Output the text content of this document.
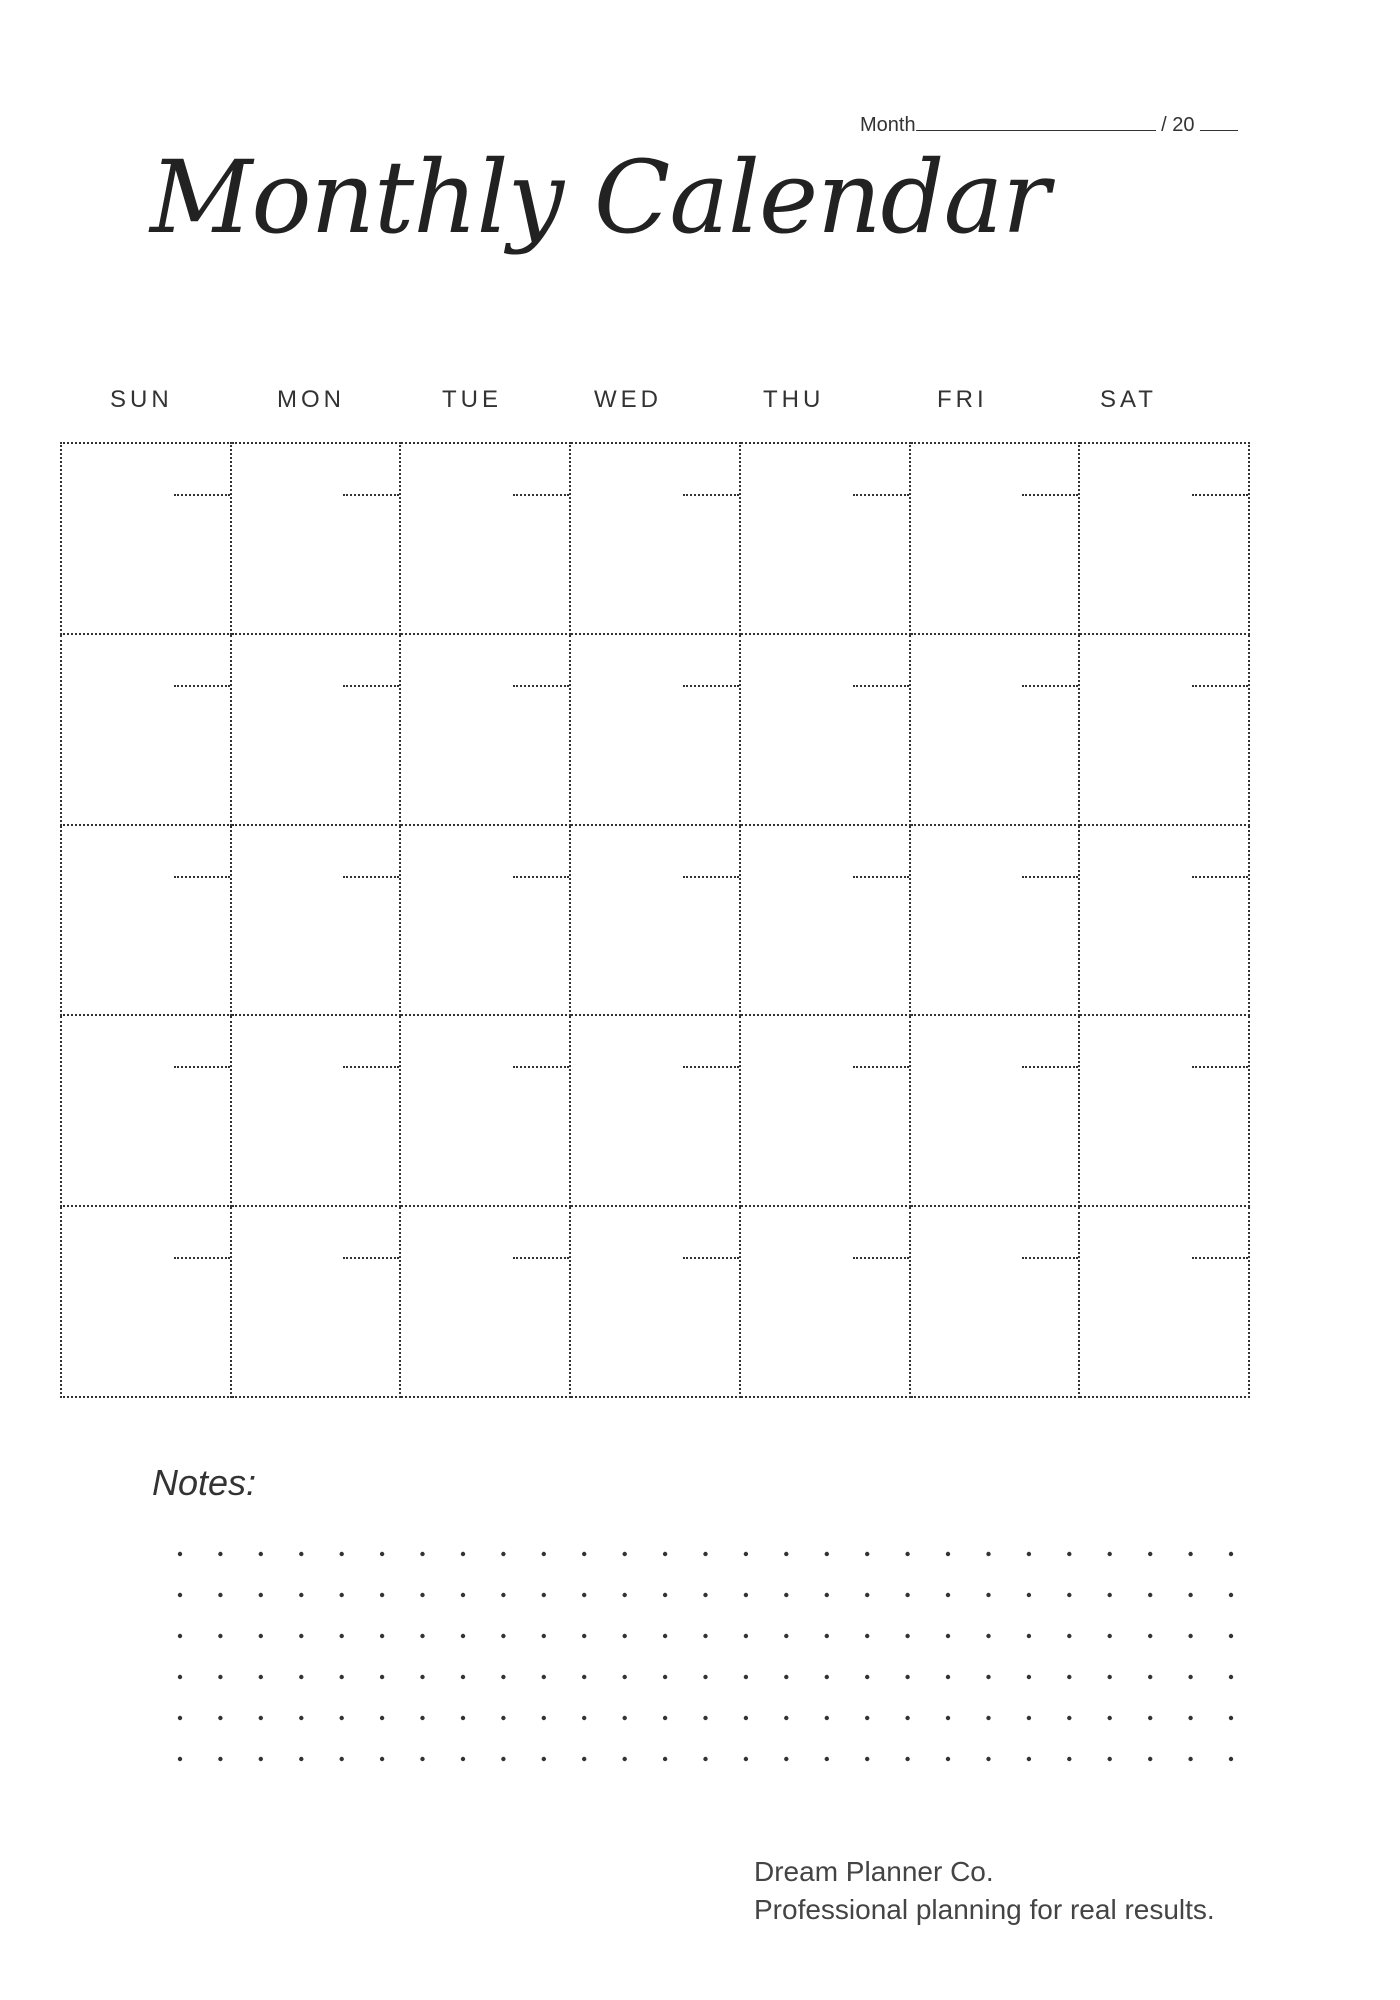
Month	/ 20
Monthly Calendar
SUN	MON	TUE	WED	THU	FRI	SAT

Notes:
Dream Planner Co.
Professional planning for real results.
